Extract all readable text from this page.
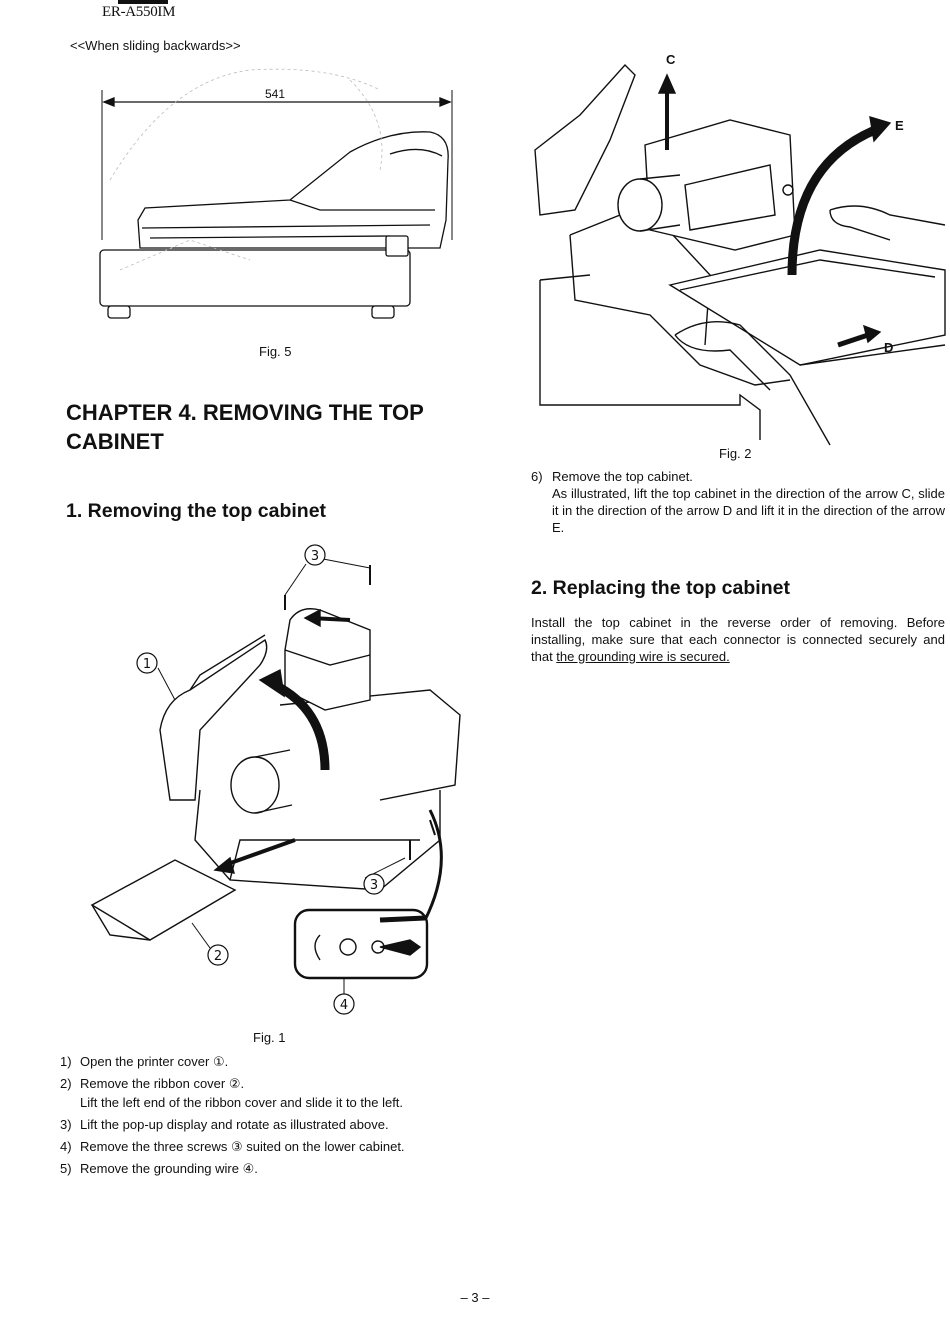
ER-A550IM
<<When sliding backwards>>
541
Fig. 5
CHAPTER 4. REMOVING THE TOP CABINET
1. Removing the top cabinet
3
1
3
2
4
Fig. 1
1) Open the printer cover ①.
2) Remove the ribbon cover ②.
Lift the left end of the ribbon cover and slide it to the left.
3) Lift the pop-up display and rotate as illustrated above.
4) Remove the three screws ③ suited on the lower cabinet.
5) Remove the grounding wire ④.
C
E
D
Fig. 2
6) Remove the top cabinet.
As illustrated, lift the top cabinet in the direction of the arrow C, slide it in the direction of the arrow D and lift it in the direction of the arrow E.
2. Replacing the top cabinet
Install the top cabinet in the reverse order of removing. Before installing, make sure that each connector is connected securely and that the grounding wire is secured.
– 3 –
